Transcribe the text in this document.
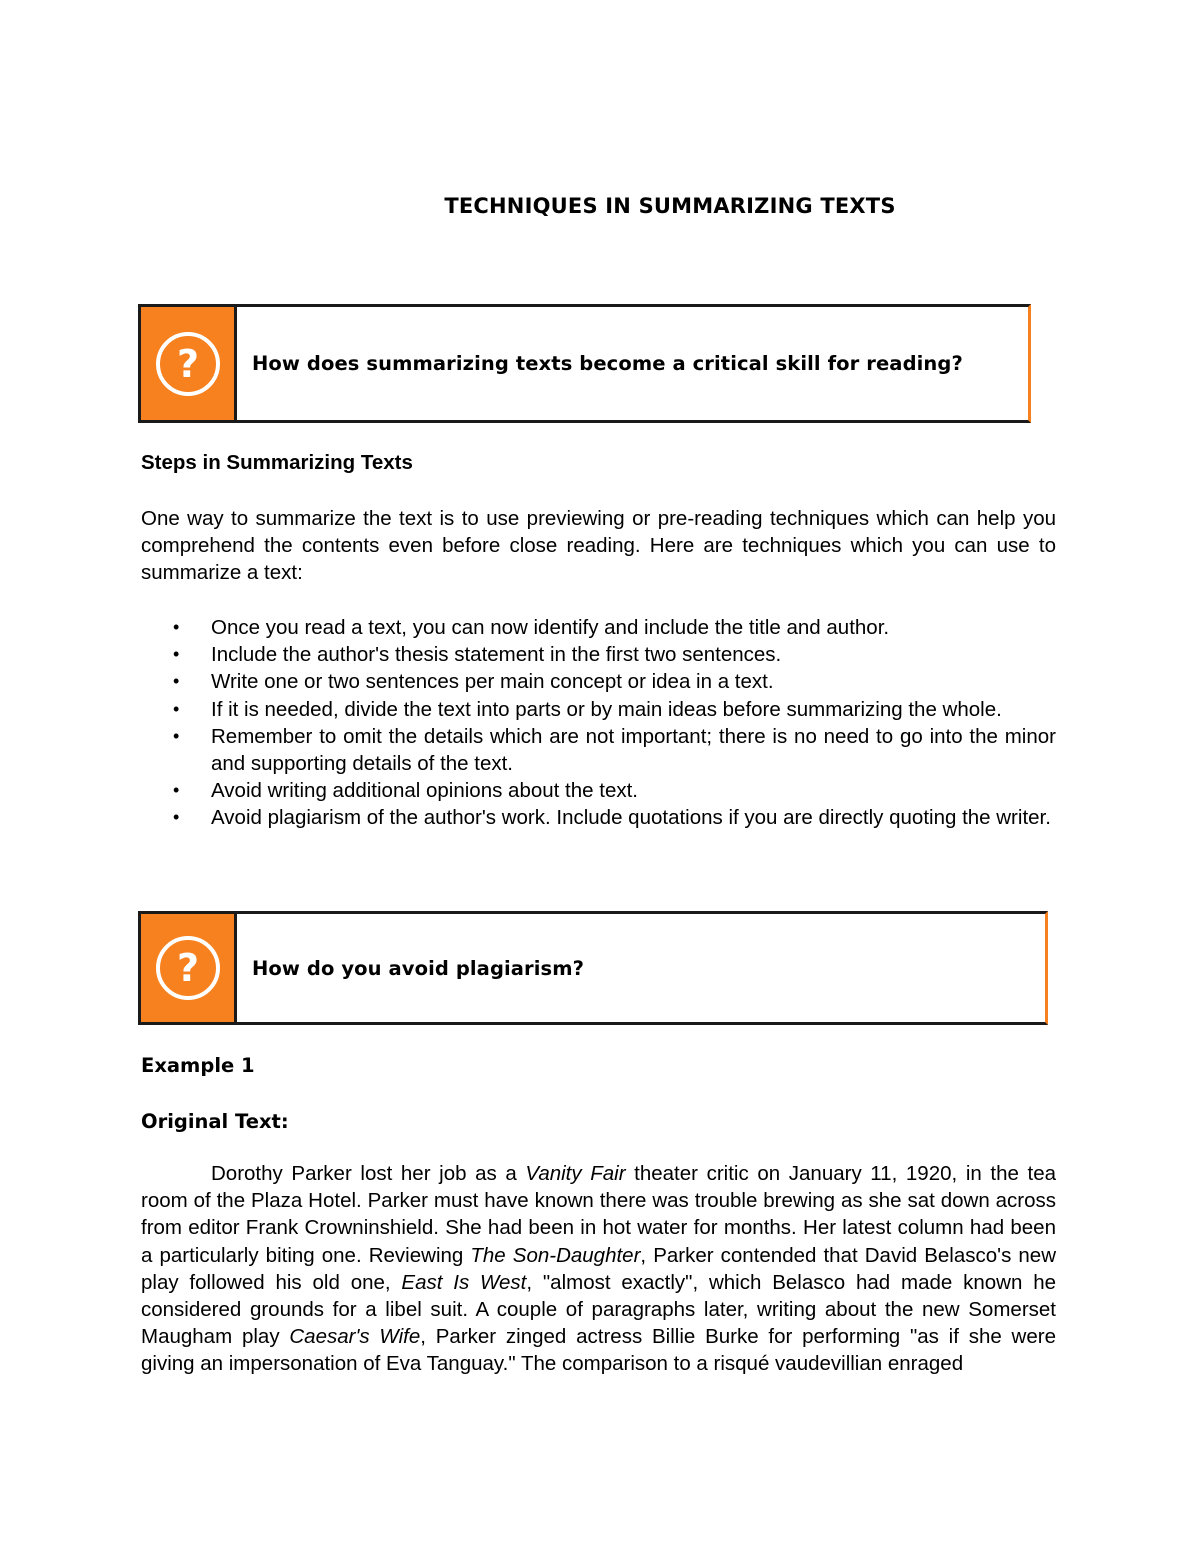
TECHNIQUES IN SUMMARIZING TEXTS
?	How does summarizing texts become a critical skill for reading?
Steps in Summarizing Texts

One way to summarize the text is to use previewing or pre-reading techniques which can help you comprehend the contents even before close reading. Here are techniques which you can use to summarize a text:

• Once you read a text, you can now identify and include the title and author.
• Include the author's thesis statement in the first two sentences.
• Write one or two sentences per main concept or idea in a text.
• If it is needed, divide the text into parts or by main ideas before summarizing the whole.
• Remember to omit the details which are not important; there is no need to go into the minor and supporting details of the text.
• Avoid writing additional opinions about the text.
• Avoid plagiarism of the author's work. Include quotations if you are directly quoting the writer.
?	How do you avoid plagiarism?
Example 1
Original Text:

Dorothy Parker lost her job as a Vanity Fair theater critic on January 11, 1920, in the tea room of the Plaza Hotel. Parker must have known there was trouble brewing as she sat down across from editor Frank Crowninshield. She had been in hot water for months. Her latest column had been a particularly biting one. Reviewing The Son-Daughter, Parker contended that David Belasco's new play followed his old one, East Is West, "almost exactly", which Belasco had made known he considered grounds for a libel suit. A couple of paragraphs later, writing about the new Somerset Maugham play Caesar's Wife, Parker zinged actress Billie Burke for performing "as if she were giving an impersonation of Eva Tanguay." The comparison to a risqué vaudevillian enraged
